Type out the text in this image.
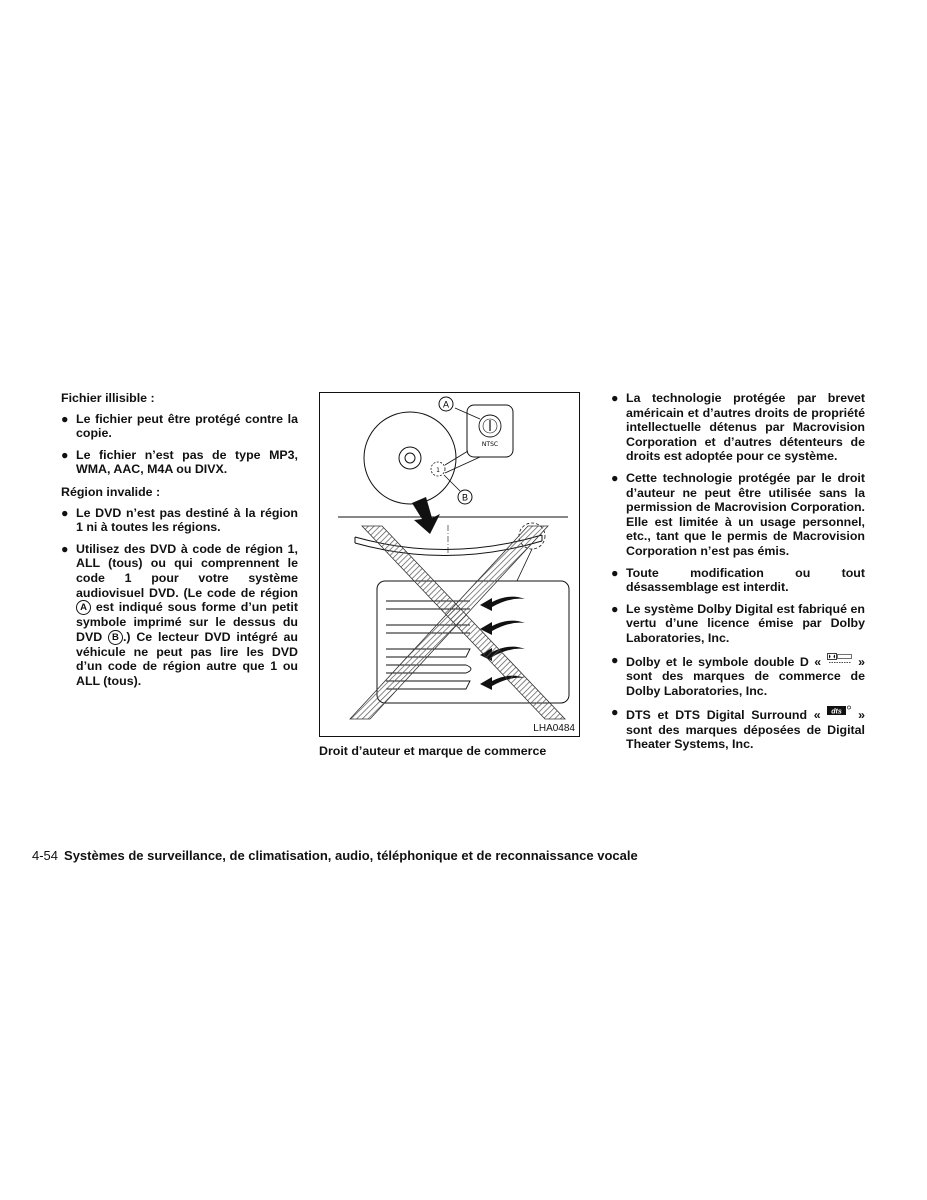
Fichier illisible :
● Le fichier peut être protégé contre la copie.
● Le fichier n’est pas de type MP3, WMA, AAC, M4A ou DIVX.
Région invalide :
● Le DVD n’est pas destiné à la région 1 ni à toutes les régions.
● Utilisez des DVD à code de région 1, ALL (tous) ou qui comprennent le code 1 pour votre système audiovisuel DVD. (Le code de région A est indiqué sous forme d’un petit symbole imprimé sur le dessus du DVD B .) Ce lecteur DVD intégré au véhicule ne peut pas lire les DVD d’un code de région autre que 1 ou ALL (tous).
NTSC
1
A
B
LHA0484
Droit d’auteur et marque de commerce
● La technologie protégée par brevet américain et d’autres droits de propriété intellectuelle détenus par Macrovision Corporation et d’autres détenteurs de droits est adoptée pour ce système.
● Cette technologie protégée par le droit d’auteur ne peut être utilisée sans la permission de Macrovision Corporation. Elle est limitée à un usage personnel, etc., tant que le permis de Macrovision Corporation n’est pas émis.
● Toute modification ou tout désassemblage est interdit.
● Le système Dolby Digital est fabriqué en vertu d’une licence émise par Dolby Laboratories, Inc.
● Dolby et le symbole double D «	» sont des marques de commerce de Dolby Laboratories, Inc.
● DTS et DTS Digital Surround « dts » sont des marques déposées de Digital Theater Systems, Inc.
4-54 Systèmes de surveillance, de climatisation, audio, téléphonique et de reconnaissance vocale
